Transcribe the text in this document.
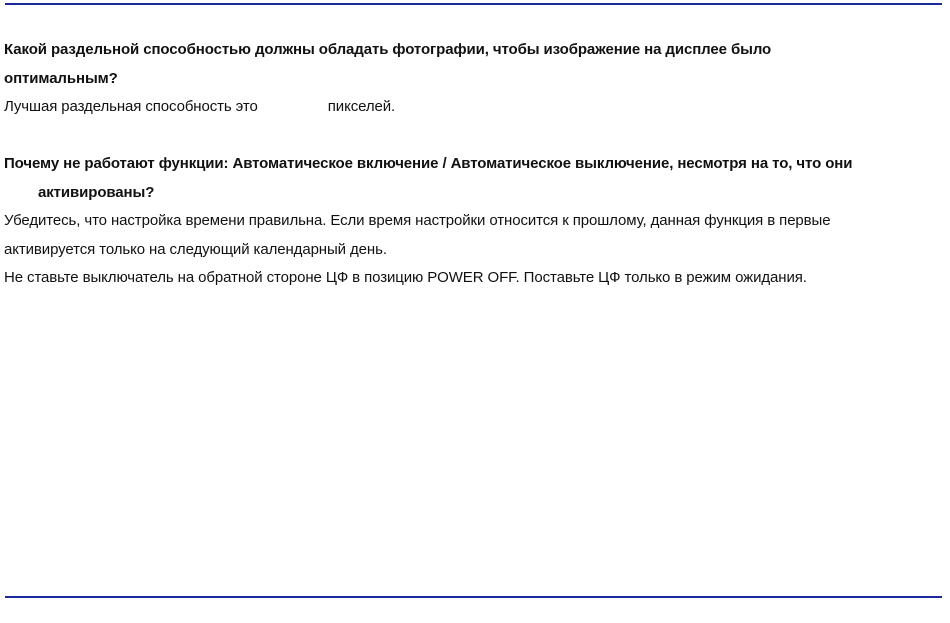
Какой раздельной способностью должны обладать фотографии, чтобы изображение на дисплее было
оптимальным?

Лучшая раздельная способность это	пикселей.

Почему не работают функции: Автоматическое включение / Автоматическое выключение, несмотря на то, что они
активированы?

Убедитесь, что настройка времени правильна. Если время настройки относится к прошлому, данная функция в первые
активируется только на следующий календарный день.
Не ставьте выключатель на обратной стороне ЦФ в позицию POWER OFF. Поставьте ЦФ только в режим ожидания.
